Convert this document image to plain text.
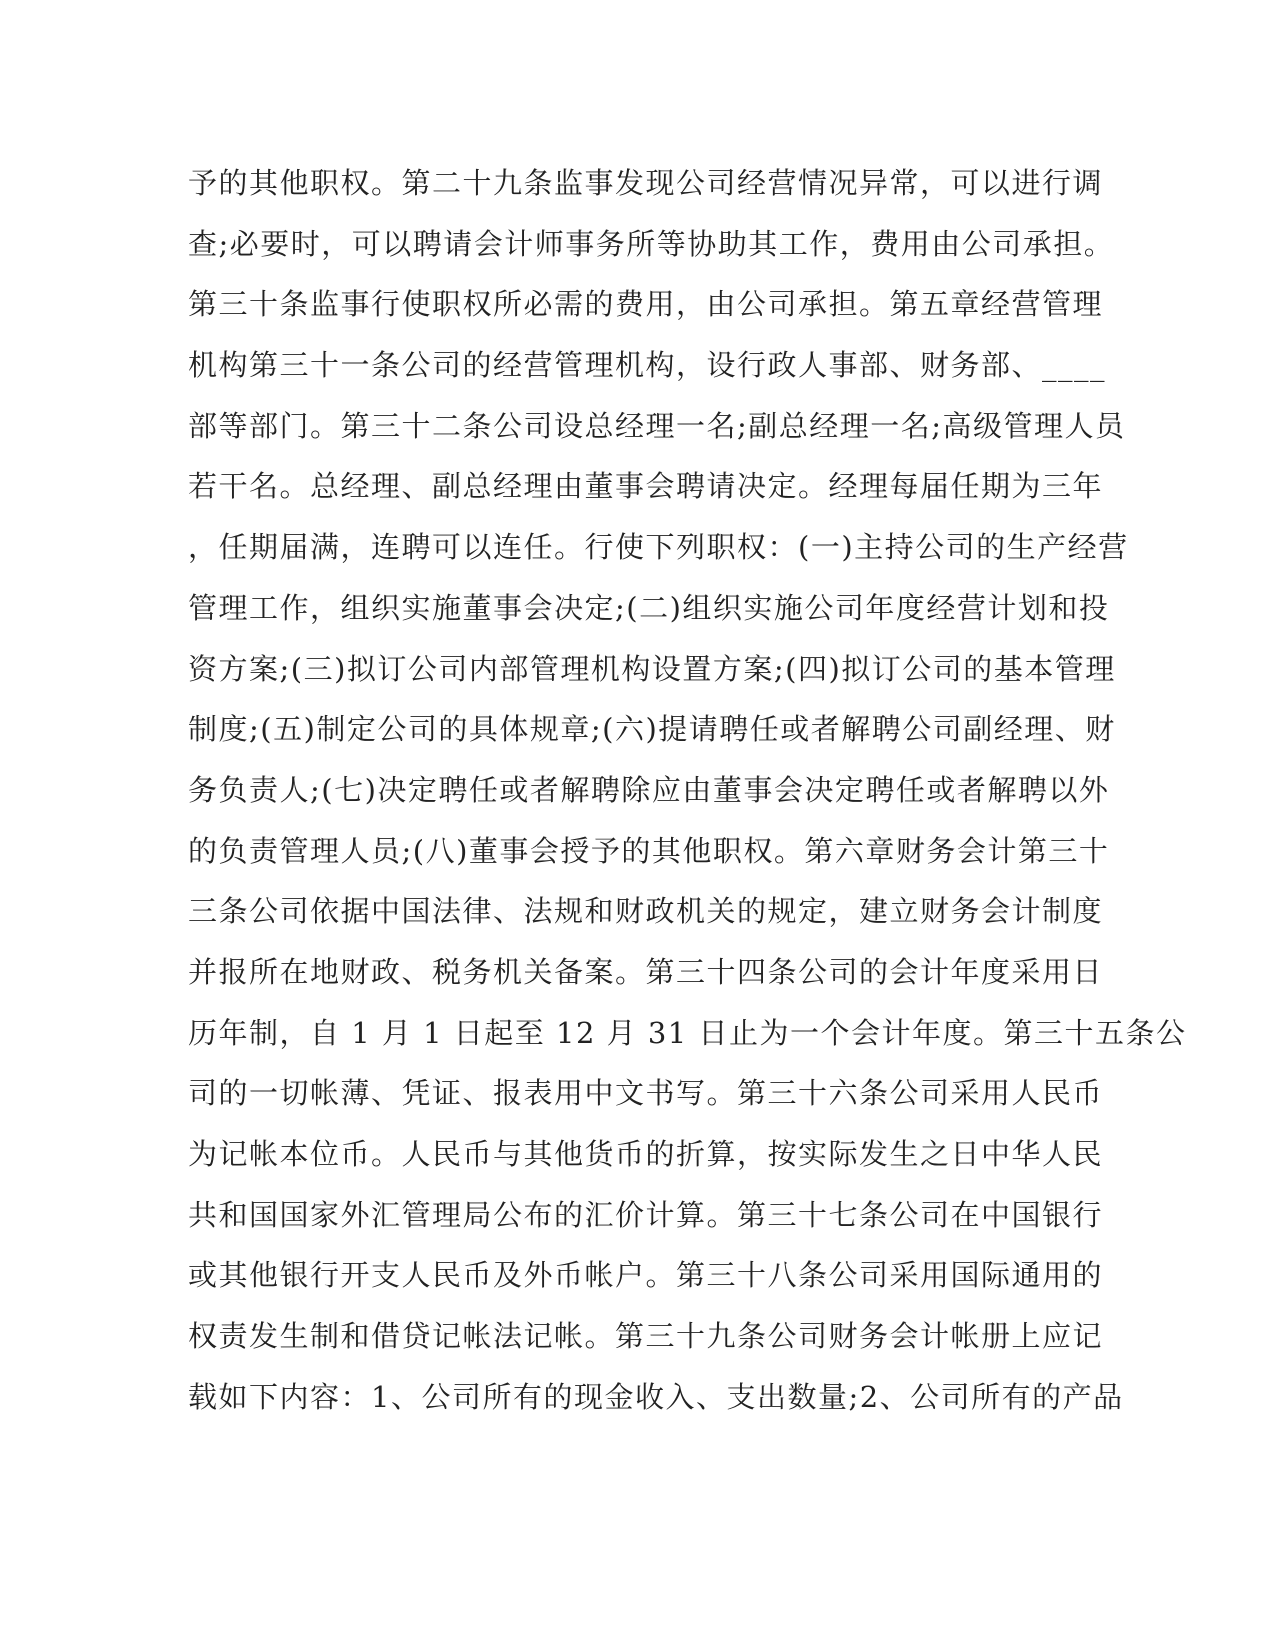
予的其他职权。第二十九条监事发现公司经营情况异常，可以进行调
查;必要时，可以聘请会计师事务所等协助其工作，费用由公司承担。
第三十条监事行使职权所必需的费用，由公司承担。第五章经营管理
机构第三十一条公司的经营管理机构，设行政人事部、财务部、____
部等部门。第三十二条公司设总经理一名;副总经理一名;高级管理人员
若干名。总经理、副总经理由董事会聘请决定。经理每届任期为三年
，任期届满，连聘可以连任。行使下列职权：(一)主持公司的生产经营
管理工作，组织实施董事会决定;(二)组织实施公司年度经营计划和投
资方案;(三)拟订公司内部管理机构设置方案;(四)拟订公司的基本管理
制度;(五)制定公司的具体规章;(六)提请聘任或者解聘公司副经理、财
务负责人;(七)决定聘任或者解聘除应由董事会决定聘任或者解聘以外
的负责管理人员;(八)董事会授予的其他职权。第六章财务会计第三十
三条公司依据中国法律、法规和财政机关的规定，建立财务会计制度
并报所在地财政、税务机关备案。第三十四条公司的会计年度采用日
历年制，自 1 月 1 日起至 12 月 31 日止为一个会计年度。第三十五条公
司的一切帐薄、凭证、报表用中文书写。第三十六条公司采用人民币
为记帐本位币。人民币与其他货币的折算，按实际发生之日中华人民
共和国国家外汇管理局公布的汇价计算。第三十七条公司在中国银行
或其他银行开支人民币及外币帐户。第三十八条公司采用国际通用的
权责发生制和借贷记帐法记帐。第三十九条公司财务会计帐册上应记
载如下内容：1、公司所有的现金收入、支出数量;2、公司所有的产品
